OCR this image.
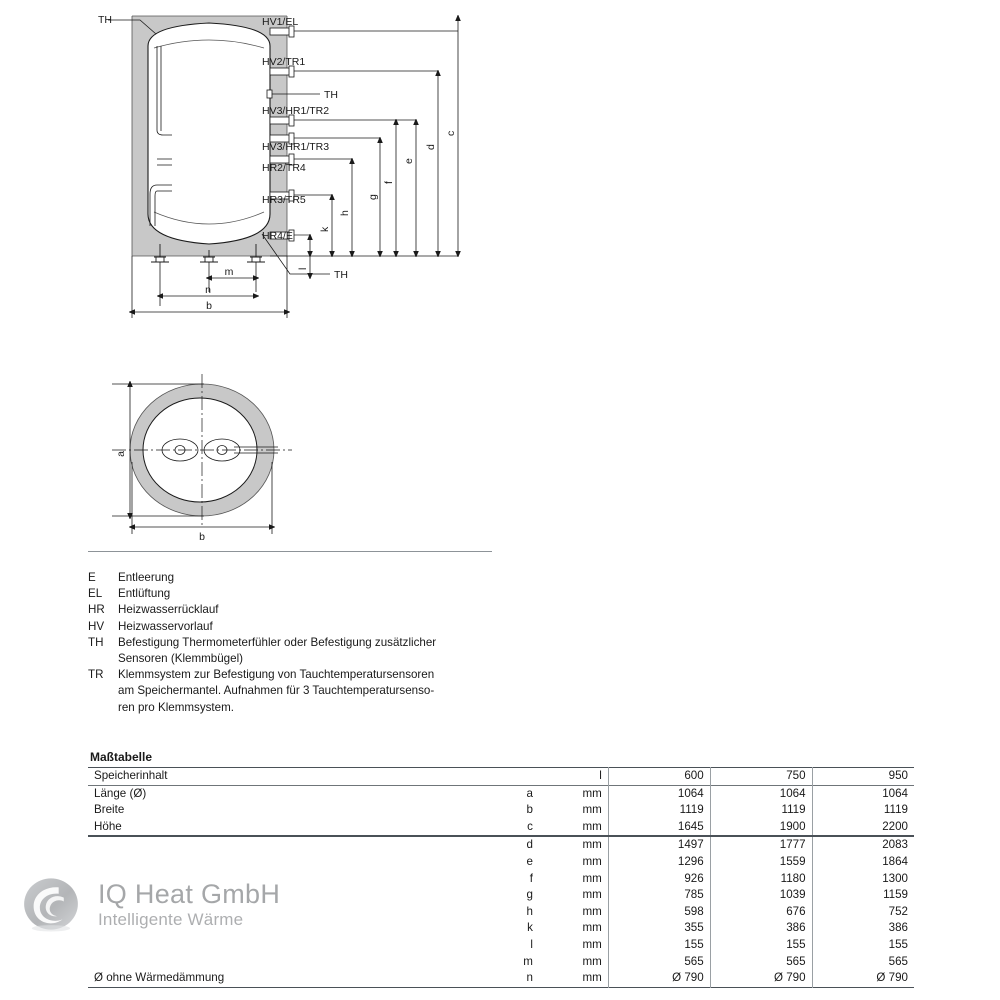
TH	HV1/EL
HV2/TR1
TH
HV3/HR1/TR2
HV3/HR1/TR3
HR2/TR4
HR3/TR5
HR4/E
TH
c
d
e
f
g
h
k
l
m
n
b
a
b
E	Entleerung
EL	Entlüftung
HR	Heizwasserrücklauf
HV	Heizwasservorlauf
TH	Befestigung Thermometerfühler oder Befestigung zusätzlicher
Sensoren (Klemmbügel)
TR	Klemmsystem zur Befestigung von Tauchtemperatursensoren
am Speichermantel. Aufnahmen für 3 Tauchtemperatursenso-
ren pro Klemmsystem.
Maßtabelle
Speicherinhalt		l	600	750	950
Länge (Ø)	a	mm	1064	1064	1064
Breite	b	mm	1119	1119	1119
Höhe	c	mm	1645	1900	2200
	d	mm	1497	1777	2083
	e	mm	1296	1559	1864
	f	mm	926	1180	1300
	g	mm	785	1039	1159
	h	mm	598	676	752
	k	mm	355	386	386
	l	mm	155	155	155
	m	mm	565	565	565
Ø ohne Wärmedämmung	n	mm	Ø 790	Ø 790	Ø 790
IQ Heat GmbH
Intelligente Wärme
